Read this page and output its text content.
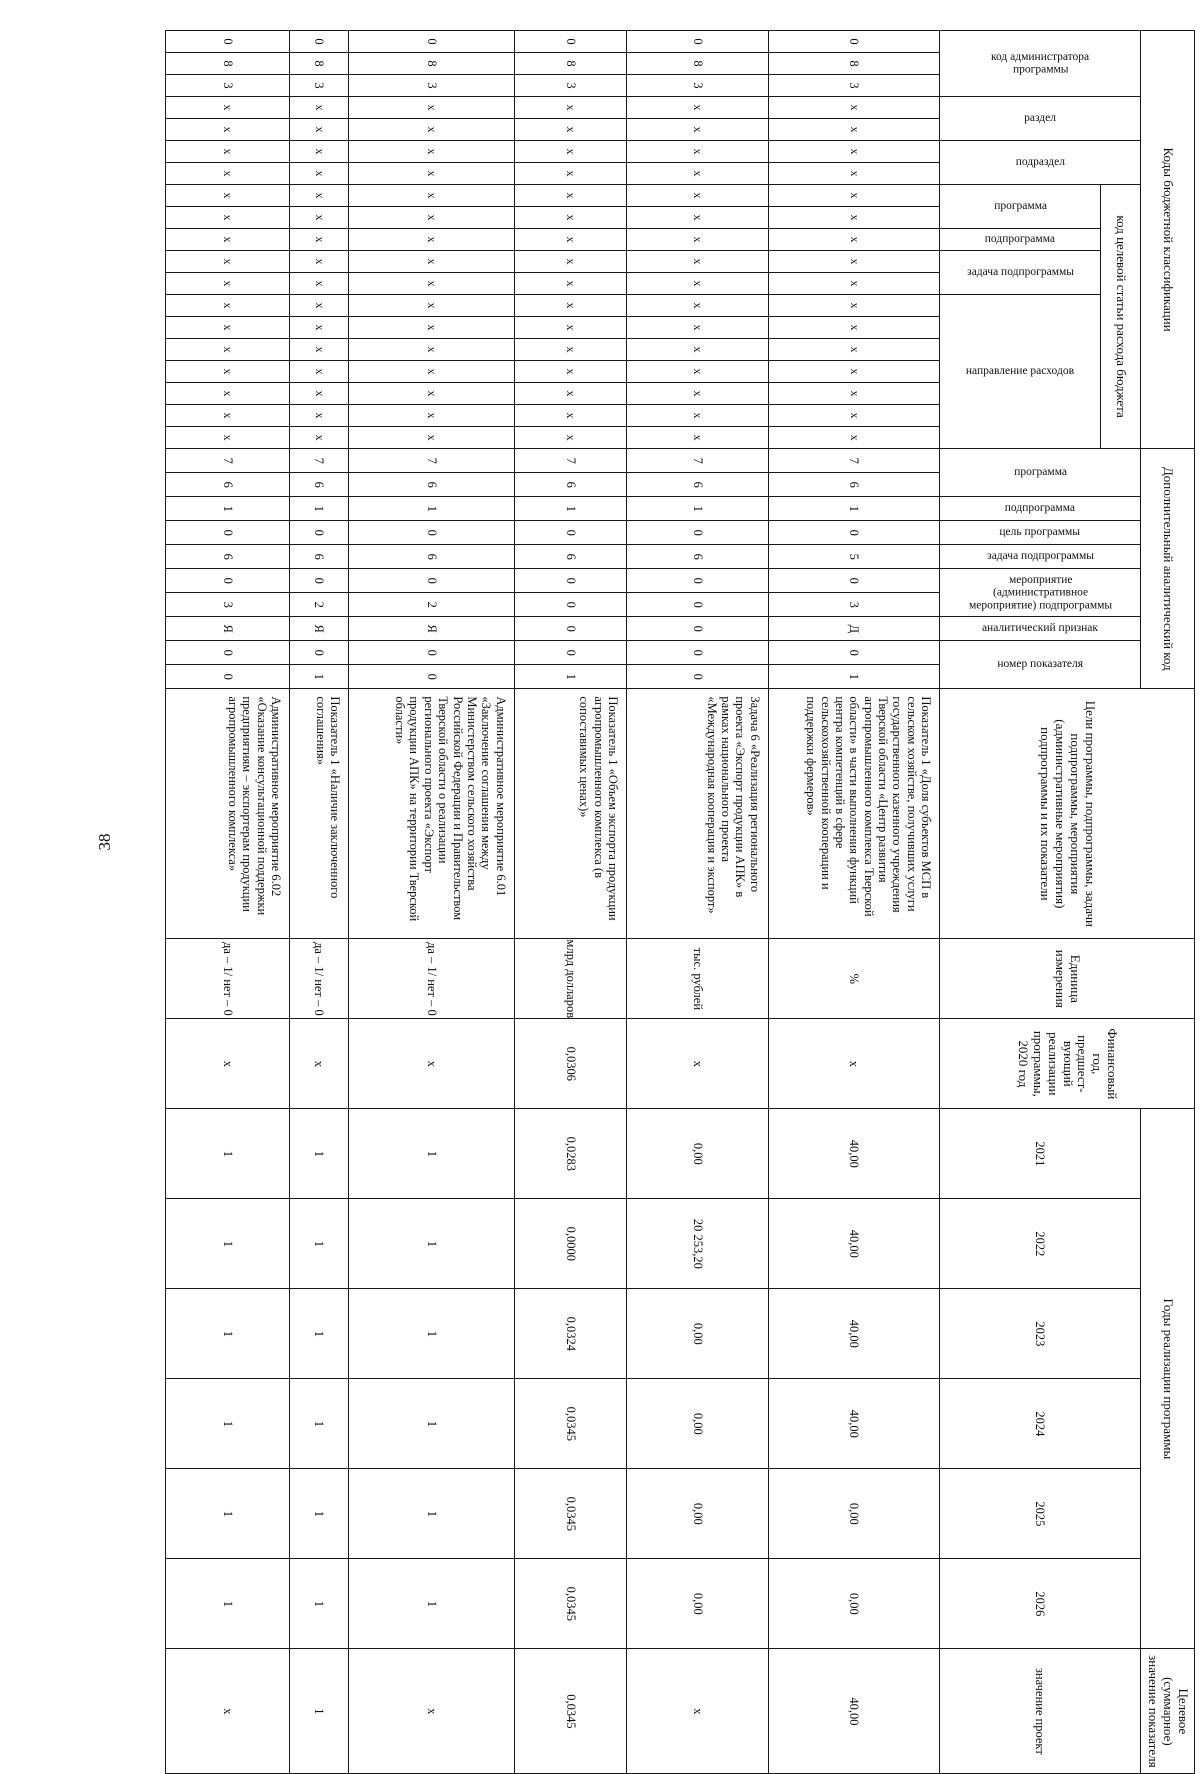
38
Коды бюджетной классификации																			Дополнительный аналитический код										Цели программы, подпрограммы, задачи подпрограммы, мероприятия (административные мероприятия) подпрограммы и их показатели	Единица измерения	Финансовый год, предшест-вующий реализации программы, 2020 год	Годы реализации программы						Целевое (суммарное) значение показателя

код администратора программы			раздел		подраздел		код целевой статьи расхода бюджета												программа		подпрограмма	цель программы	задача подпрограммы	мероприятие (административное мероприятие) подпрограммы		аналитический признак	номер показателя					2021	2022	2023	2024	2025	2026	значение проект

							программа		подпрограмма	задача подпрограммы		направление расходов																										

0	8	3	x	x	x	x	x	x	x	x	x	x	x	x	x	x	x	x	7	6	1	0	5	0	3	Д	0	1	Показатель 1 «Доля субъектов МСП в сельском хозяйстве, получивших услуги государственного казенного учреждения Тверской области «Центр развития агропромышленного комплекса Тверской области» в части выполнения функций центра компетенций в сфере сельскохозяйственной кооперации и поддержки фермеров»	%	x	40,00	40,00	40,00	40,00	0,00	0,00	40,00
0	8	3	x	x	x	x	x	x	x	x	x	x	x	x	x	x	x	x	7	6	1	0	6	0	0	0	0	0	Задача 6 «Реализация регионального проекта «Экспорт продукции АПК» в рамках национального проекта «Международная кооперация и экспорт»	тыс. рублей	x	0,00	20 253,20	0,00	0,00	0,00	0,00	x
0	8	3	x	x	x	x	x	x	x	x	x	x	x	x	x	x	x	x	7	6	1	0	6	0	0	0	0	1	Показатель 1 «Объем экспорта продукции агропромышленного комплекса (в сопоставимых ценах)»	млрд долларов	0,0306	0,0283	0,0000	0,0324	0,0345	0,0345	0,0345	0,0345
0	8	3	x	x	x	x	x	x	x	x	x	x	x	x	x	x	x	x	7	6	1	0	6	0	2	Я	0	0	Административное мероприятие 6.01 «Заключение соглашения между Министерством сельского хозяйства Российской Федерации и Правительством Тверской области о реализации регионального проекта «Экспорт продукции АПК» на территории Тверской области»	да – 1/ нет – 0	x	1	1	1	1	1	1	x
0	8	3	x	x	x	x	x	x	x	x	x	x	x	x	x	x	x	x	7	6	1	0	6	0	2	Я	0	1	Показатель 1 «Наличие заключенного соглашения»	да – 1/ нет – 0	x	1	1	1	1	1	1	1
0	8	3	x	x	x	x	x	x	x	x	x	x	x	x	x	x	x	x	7	6	1	0	6	0	3	Я	0	0	Административное мероприятие 6.02 «Оказание консультационной поддержки предприятиям – экспортерам продукции агропромышленного комплекса»	да – 1/ нет – 0	x	1	1	1	1	1	1	x
